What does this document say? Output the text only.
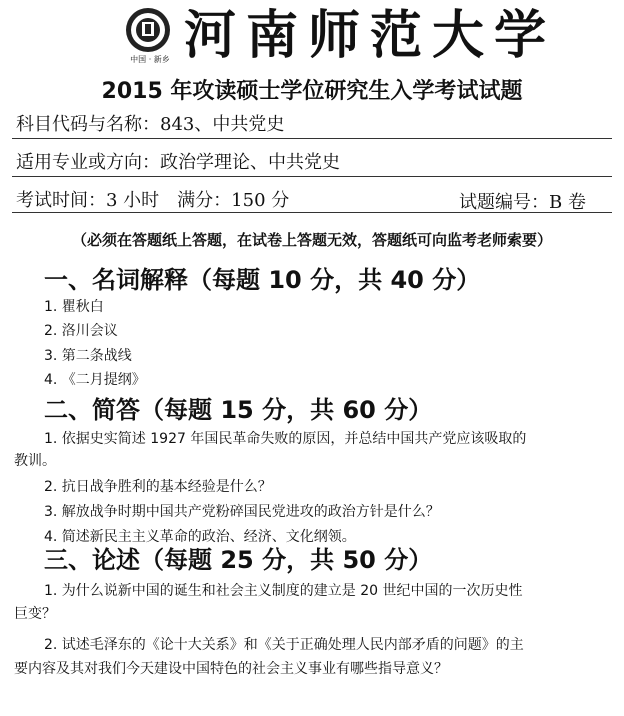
中国 · 新乡 河南师范大学
2015 年攻读硕士学位研究生入学考试试题
科目代码与名称：843、中共党史
适用专业或方向：政治学理论、中共党史
考试时间：3 小时　满分：150 分	试题编号：B 卷
（必须在答题纸上答题，在试卷上答题无效，答题纸可向监考老师索要）
一、名词解释（每题 10 分，共 40 分）
1. 瞿秋白
2. 洛川会议
3. 第二条战线
4. 《二月提纲》
二、简答（每题 15 分，共 60 分）
1. 依据史实简述 1927 年国民革命失败的原因，并总结中国共产党应该吸取的
教训。
2. 抗日战争胜利的基本经验是什么？
3. 解放战争时期中国共产党粉碎国民党进攻的政治方针是什么？
4. 简述新民主主义革命的政治、经济、文化纲领。
三、论述（每题 25 分，共 50 分）
1. 为什么说新中国的诞生和社会主义制度的建立是 20 世纪中国的一次历史性
巨变？
2. 试述毛泽东的《论十大关系》和《关于正确处理人民内部矛盾的问题》的主
要内容及其对我们今天建设中国特色的社会主义事业有哪些指导意义？
